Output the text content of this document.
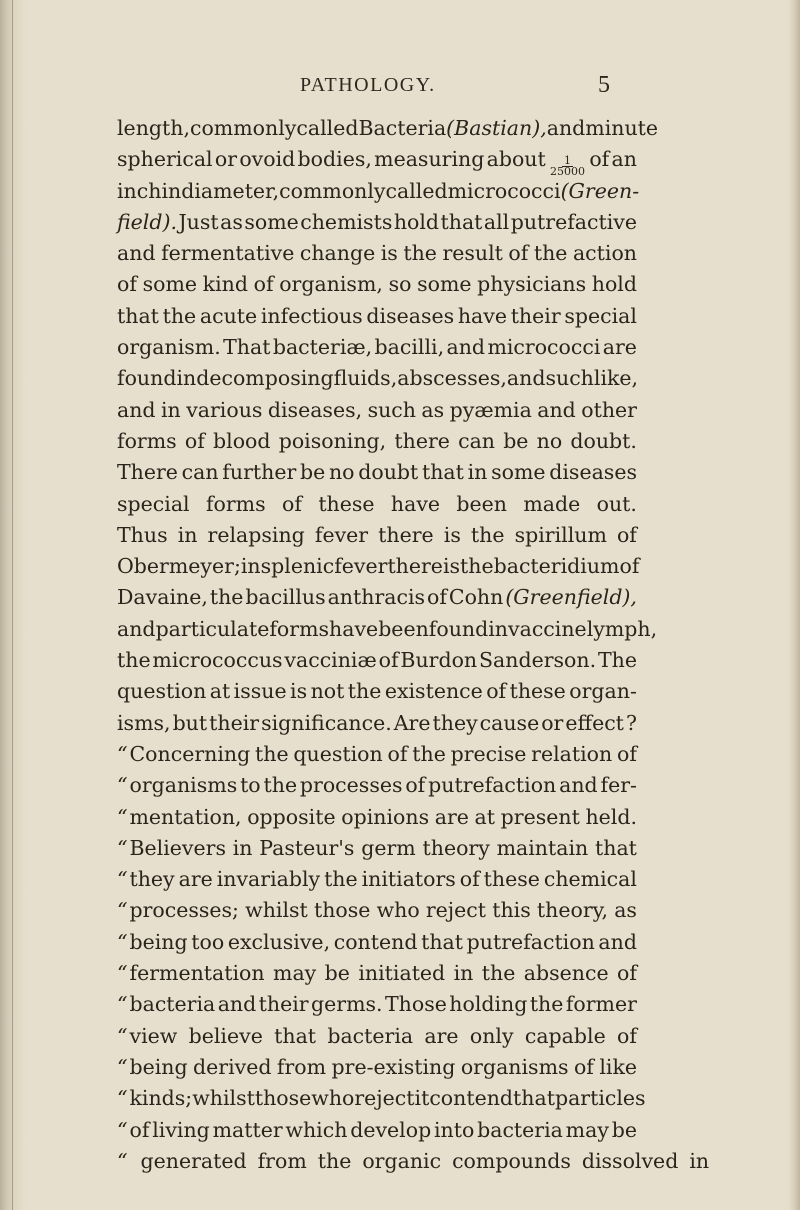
PATHOLOGY.	5
length, commonly called Bacteria (Bastian), and minute
spherical or ovoid bodies, measuring about $\frac{1}{25000}$ of an
inch in diameter, commonly called micrococci (Green-
field). Just as some chemists hold that all putrefactive
and fermentative change is the result of the action
of some kind of organism, so some physicians hold
that the acute infectious diseases have their special
organism. That bacteriæ, bacilli, and micrococci are
found in decomposing fluids, abscesses, and such like,
and in various diseases, such as pyæmia and other
forms of blood poisoning, there can be no doubt.
There can further be no doubt that in some diseases
special forms of these have been made out.
Thus in relapsing fever there is the spirillum of
Obermeyer; in splenic fever there is the bacteridium of
Davaine, the bacillus anthracis of Cohn (Greenfield),
and particulate forms have been found in vaccine lymph,
the micrococcus vacciniæ of Burdon Sanderson. The
question at issue is not the existence of these organ-
isms, but their significance. Are they cause or effect ?
“Concerning the question of the precise relation of
“organisms to the processes of putrefaction and fer-
“mentation, opposite opinions are at present held.
“Believers in Pasteur's germ theory maintain that
“they are invariably the initiators of these chemical
“processes; whilst those who reject this theory, as
“being too exclusive, contend that putrefaction and
“fermentation may be initiated in the absence of
“bacteria and their germs. Those holding the former
“view believe that bacteria are only capable of
“being derived from pre-existing organisms of like
“kinds; whilst those who reject it contend that particles
“of living matter which develop into bacteria may be
“ generated from the organic compounds dissolved in
